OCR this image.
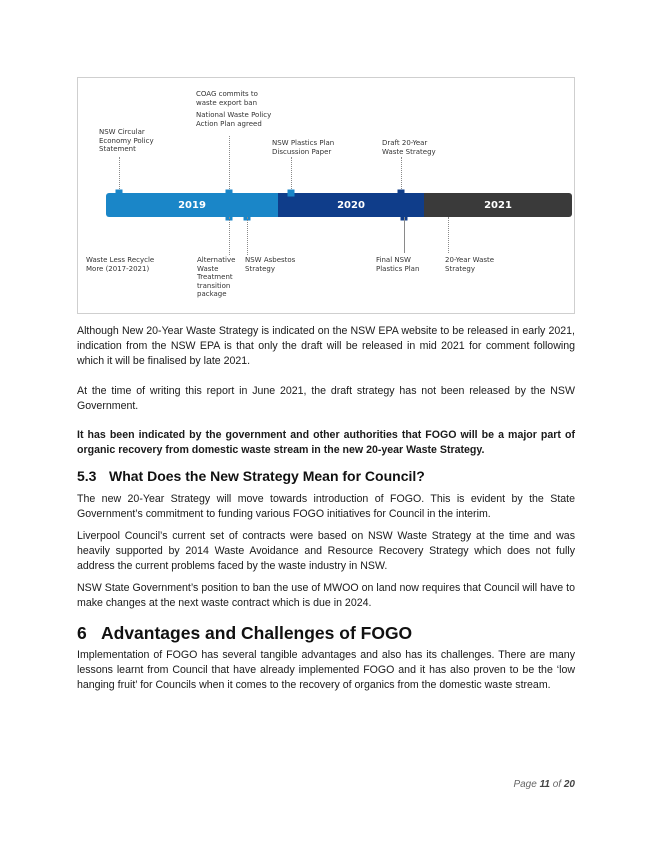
NSW Circular
Economy Policy
Statement
COAG commits to
waste export ban
National Waste Policy
Action Plan agreed
NSW Plastics Plan
Discussion Paper
Draft 20-Year
Waste Strategy
2019	2020	2021
Waste Less Recycle
More (2017-2021)
Alternative
Waste
Treatment
transition
package
NSW Asbestos
Strategy
Final NSW
Plastics Plan
20-Year Waste
Strategy

Although New 20-Year Waste Strategy is indicated on the NSW EPA website to be released in early 2021, indication from the NSW EPA is that only the draft will be released in mid 2021 for comment following which it will be finalised by late 2021.

At the time of writing this report in June 2021, the draft strategy has not been released by the NSW Government.

It has been indicated by the government and other authorities that FOGO will be a major part of organic recovery from domestic waste stream in the new 20-year Waste Strategy.

5.3 What Does the New Strategy Mean for Council?

The new 20-Year Strategy will move towards introduction of FOGO. This is evident by the State Government’s commitment to funding various FOGO initiatives for Council in the interim.

Liverpool Council’s current set of contracts were based on NSW Waste Strategy at the time and was heavily supported by 2014 Waste Avoidance and Resource Recovery Strategy which does not fully address the current problems faced by the waste industry in NSW.

NSW State Government’s position to ban the use of MWOO on land now requires that Council will have to make changes at the next waste contract which is due in 2024.

6 Advantages and Challenges of FOGO

Implementation of FOGO has several tangible advantages and also has its challenges. There are many lessons learnt from Council that have already implemented FOGO and it has also proven to be the ‘low hanging fruit’ for Councils when it comes to the recovery of organics from the domestic waste stream.

Page 11 of 20
